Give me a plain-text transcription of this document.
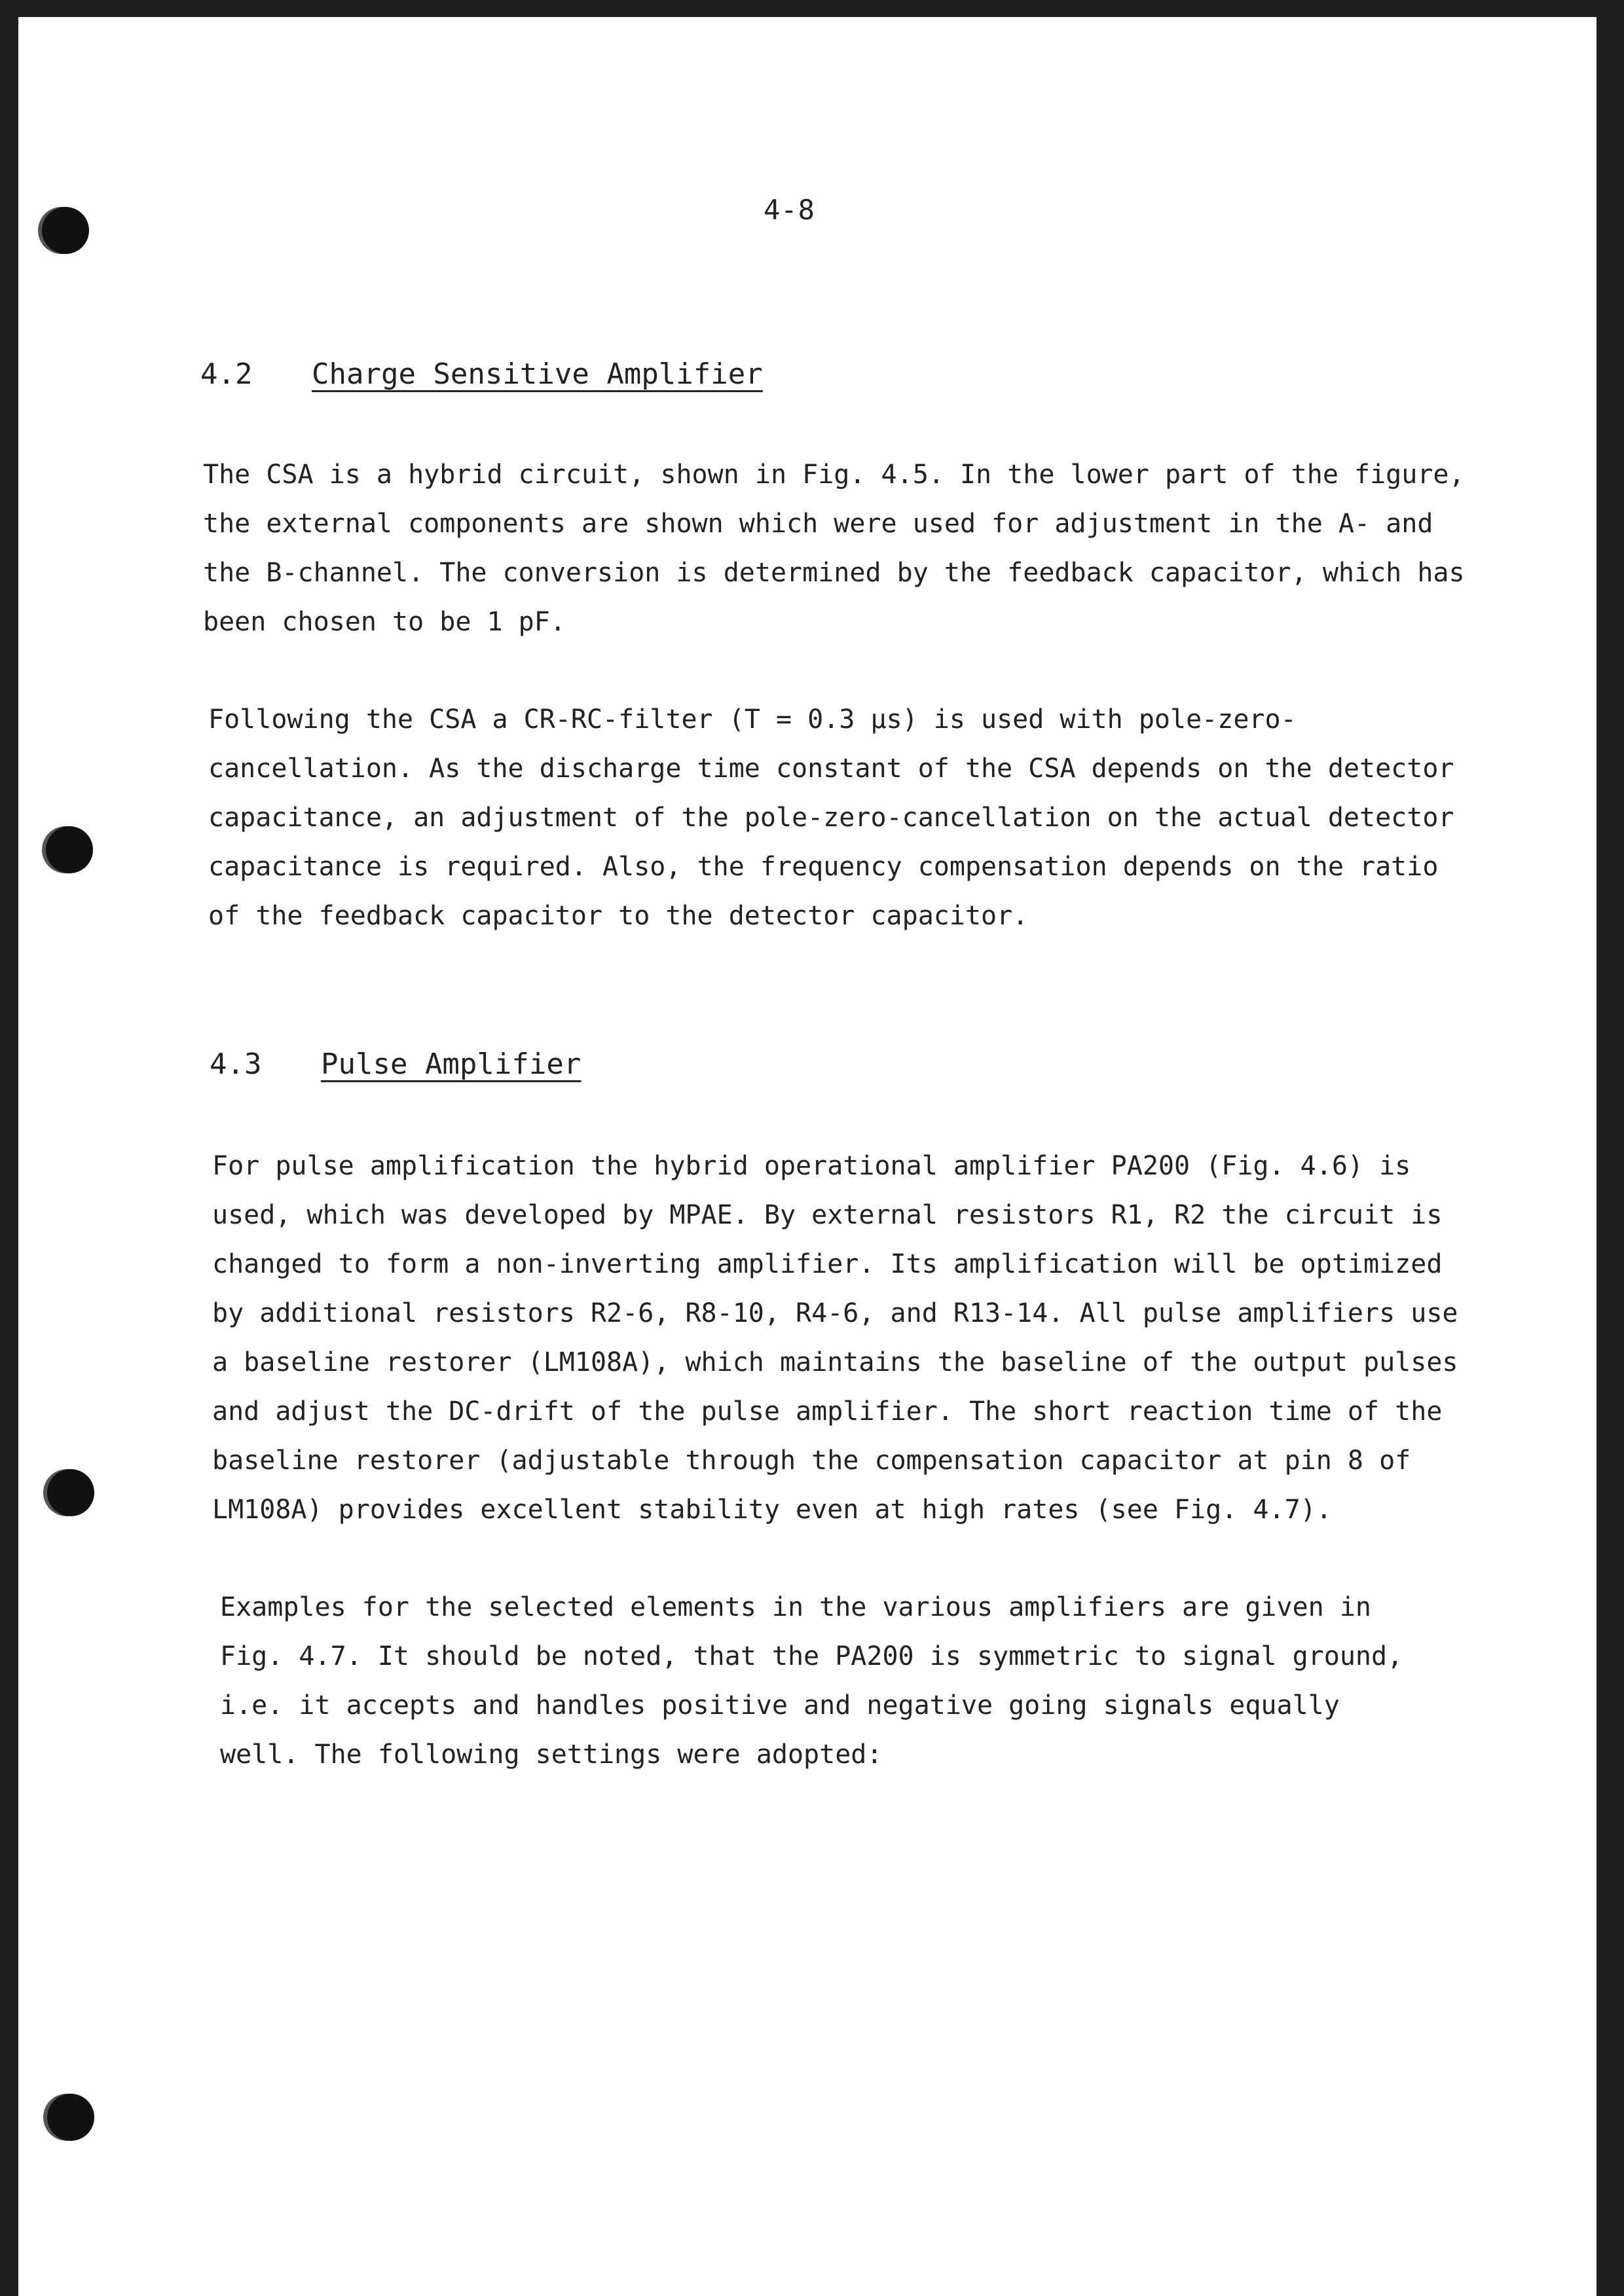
4-8
4.2 Charge Sensitive Amplifier
The CSA is a hybrid circuit, shown in Fig. 4.5. In the lower part of the figure,
the external components are shown which were used for adjustment in the A- and
the B-channel. The conversion is determined by the feedback capacitor, which has
been chosen to be 1 pF.
Following the CSA a CR-RC-filter (T = 0.3 µs) is used with pole-zero-
cancellation. As the discharge time constant of the CSA depends on the detector
capacitance, an adjustment of the pole-zero-cancellation on the actual detector
capacitance is required. Also, the frequency compensation depends on the ratio
of the feedback capacitor to the detector capacitor.
4.3 Pulse Amplifier
For pulse amplification the hybrid operational amplifier PA200 (Fig. 4.6) is
used, which was developed by MPAE. By external resistors R1, R2 the circuit is
changed to form a non-inverting amplifier. Its amplification will be optimized
by additional resistors R2-6, R8-10, R4-6, and R13-14. All pulse amplifiers use
a baseline restorer (LM108A), which maintains the baseline of the output pulses
and adjust the DC-drift of the pulse amplifier. The short reaction time of the
baseline restorer (adjustable through the compensation capacitor at pin 8 of
LM108A) provides excellent stability even at high rates (see Fig. 4.7).
Examples for the selected elements in the various amplifiers are given in
Fig. 4.7. It should be noted, that the PA200 is symmetric to signal ground,
i.e. it accepts and handles positive and negative going signals equally
well. The following settings were adopted:
